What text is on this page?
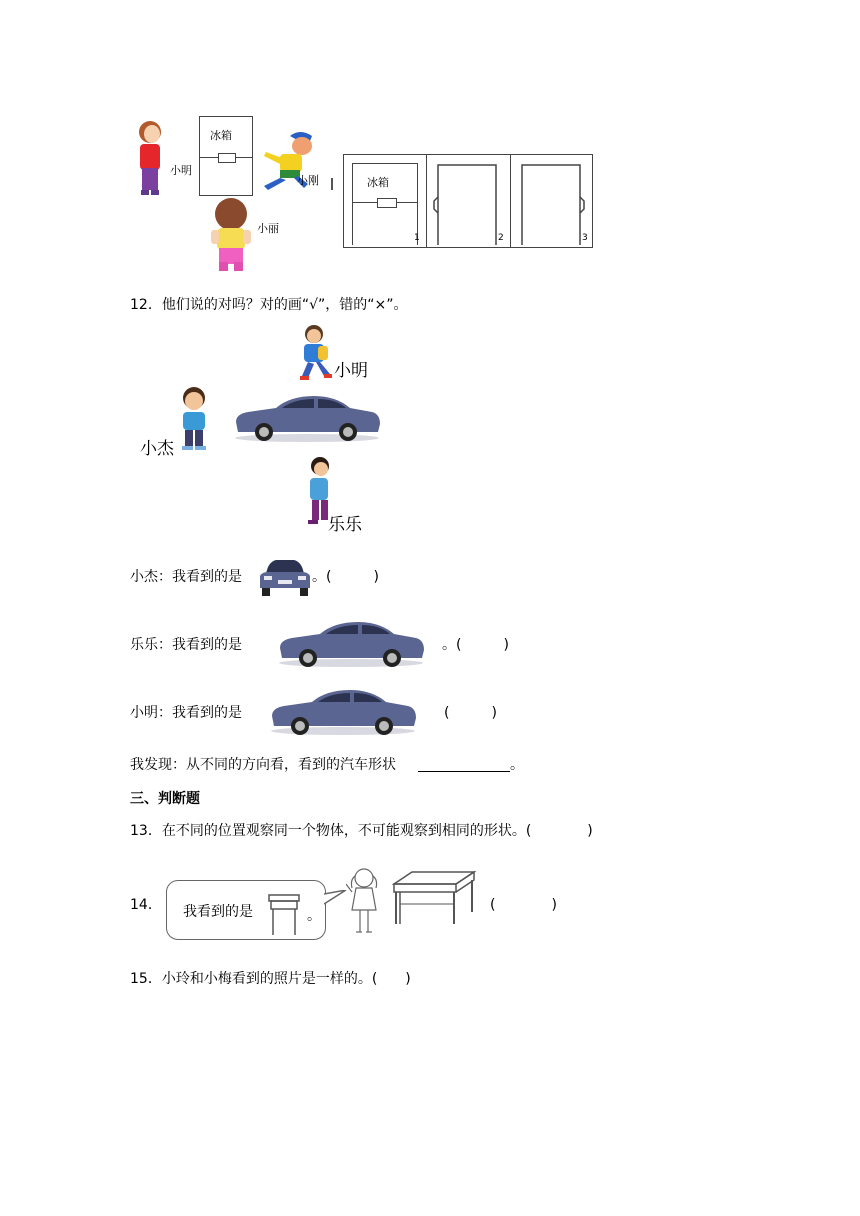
小明
冰箱
小刚
小丽
冰箱
1	2	3
12．他们说的对吗？对的画“√”，错的“×”。
小明
小杰
乐乐
小杰：我看到的是	。(　　　)
乐乐：我看到的是	。(　　　)
小明：我看到的是	(　　　)
我发现：从不同的方向看，看到的汽车形状	。
三、判断题
13．在不同的位置观察同一个物体，不可能观察到相同的形状。(　　　　)
14． 我看到的是	。
(　　　　)
15．小玲和小梅看到的照片是一样的。(　　)
